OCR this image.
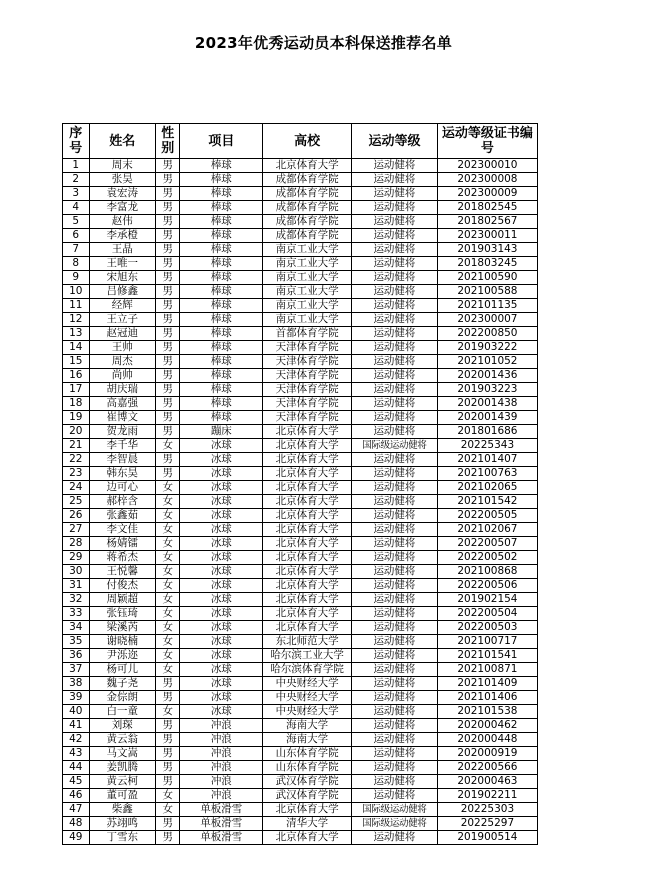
2023年优秀运动员本科保送推荐名单
序号	姓名	性别	项目	高校	运动等级	运动等级证书编号
1	周末	男	棒球	北京体育大学	运动健将	202300010
2	张昊	男	棒球	成都体育学院	运动健将	202300008
3	袁宏涛	男	棒球	成都体育学院	运动健将	202300009
4	李富龙	男	棒球	成都体育学院	运动健将	201802545
5	赵伟	男	棒球	成都体育学院	运动健将	201802567
6	李承橙	男	棒球	成都体育学院	运动健将	202300011
7	王晶	男	棒球	南京工业大学	运动健将	201903143
8	王唯一	男	棒球	南京工业大学	运动健将	201803245
9	宋旭东	男	棒球	南京工业大学	运动健将	202100590
10	吕修鑫	男	棒球	南京工业大学	运动健将	202100588
11	经辉	男	棒球	南京工业大学	运动健将	202101135
12	王立子	男	棒球	南京工业大学	运动健将	202300007
13	赵冠迪	男	棒球	首都体育学院	运动健将	202200850
14	王帅	男	棒球	天津体育学院	运动健将	201903222
15	周杰	男	棒球	天津体育学院	运动健将	202101052
16	尚帅	男	棒球	天津体育学院	运动健将	202001436
17	胡庆瑞	男	棒球	天津体育学院	运动健将	201903223
18	高嘉强	男	棒球	天津体育学院	运动健将	202001438
19	崔博文	男	棒球	天津体育学院	运动健将	202001439
20	贺龙雨	男	蹦床	北京体育大学	运动健将	201801686
21	李千华	女	冰球	北京体育大学	国际级运动健将	20225343
22	李智晨	男	冰球	北京体育大学	运动健将	202101407
23	韩东昊	男	冰球	北京体育大学	运动健将	202100763
24	边可心	女	冰球	北京体育大学	运动健将	202102065
25	郝梓含	女	冰球	北京体育大学	运动健将	202101542
26	张鑫茹	女	冰球	北京体育大学	运动健将	202200505
27	李文佳	女	冰球	北京体育大学	运动健将	202102067
28	杨婧镭	女	冰球	北京体育大学	运动健将	202200507
29	蒋希杰	女	冰球	北京体育大学	运动健将	202200502
30	王悦馨	女	冰球	北京体育大学	运动健将	202100868
31	付俊杰	女	冰球	北京体育大学	运动健将	202200506
32	周颖超	女	冰球	北京体育大学	运动健将	201902154
33	张钰琦	女	冰球	北京体育大学	运动健将	202200504
34	梁溪芮	女	冰球	北京体育大学	运动健将	202200503
35	谢晓楠	女	冰球	东北师范大学	运动健将	202100717
36	尹泺迩	女	冰球	哈尔滨工业大学	运动健将	202101541
37	杨可儿	女	冰球	哈尔滨体育学院	运动健将	202100871
38	魏子尧	男	冰球	中央财经大学	运动健将	202101409
39	金倧朗	男	冰球	中央财经大学	运动健将	202101406
40	白一童	女	冰球	中央财经大学	运动健将	202101538
41	刘琛	男	冲浪	海南大学	运动健将	202000462
42	黄云翁	男	冲浪	海南大学	运动健将	202000448
43	马文嵩	男	冲浪	山东体育学院	运动健将	202000919
44	姜凯腾	男	冲浪	山东体育学院	运动健将	202200566
45	黄云柯	男	冲浪	武汉体育学院	运动健将	202000463
46	董可盈	女	冲浪	武汉体育学院	运动健将	201902211
47	柴鑫	女	单板滑雪	北京体育大学	国际级运动健将	20225303
48	苏翊鸣	男	单板滑雪	清华大学	国际级运动健将	20225297
49	丁雪东	男	单板滑雪	北京体育大学	运动健将	201900514
